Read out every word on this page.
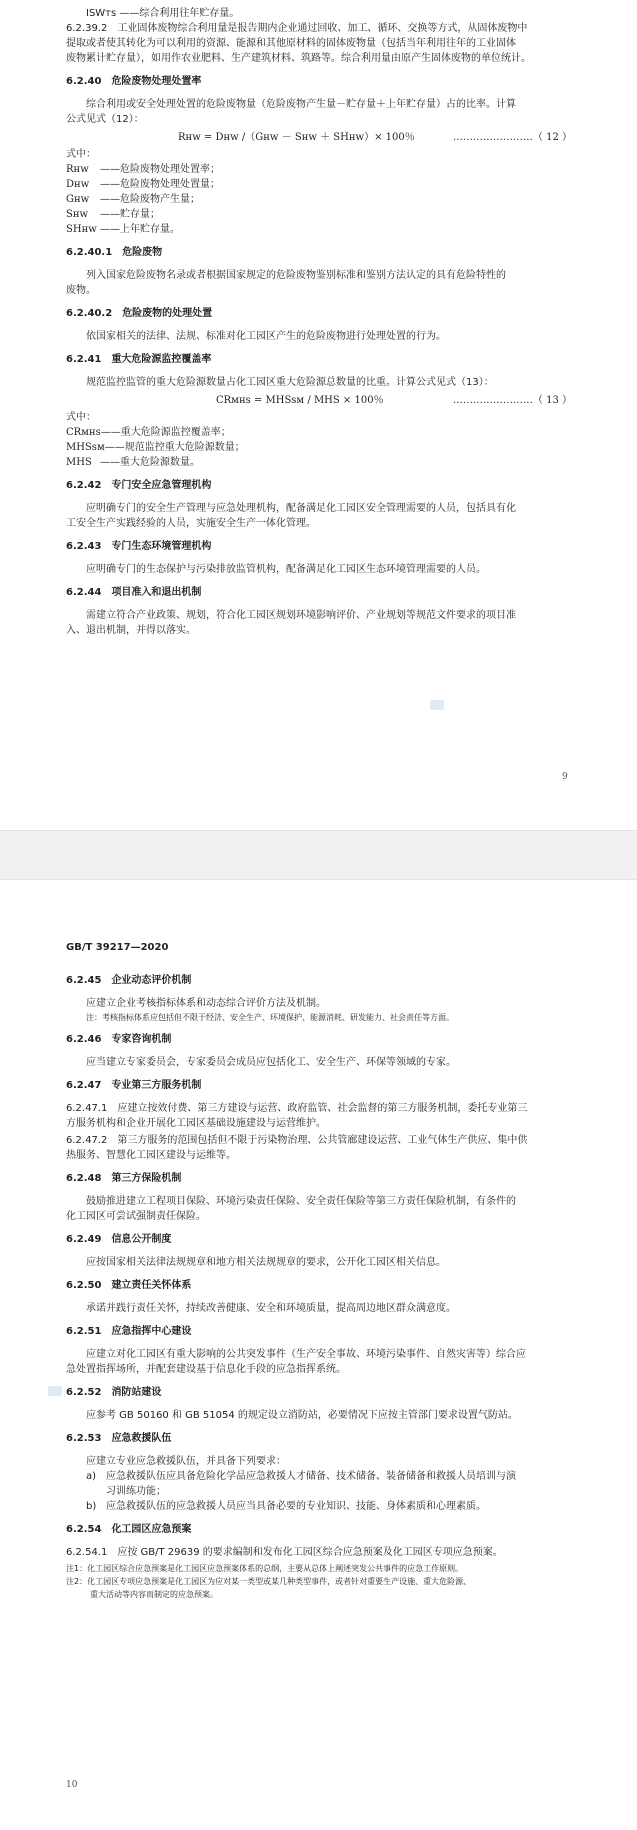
ISWᴛs ——综合利用往年贮存量。
6.2.39.2　工业固体废物综合利用量是报告期内企业通过回收、加工、循环、交换等方式，从固体废物中
提取或者使其转化为可以利用的资源、能源和其他原材料的固体废物量（包括当年利用往年的工业固体
废物累计贮存量），如用作农业肥料、生产建筑材料、筑路等。综合利用量由原产生固体废物的单位统计。
6.2.40　 危险废物处理处置率
综合利用或安全处理处置的危险废物量（危险废物产生量－贮存量＋上年贮存量）占的比率。计算
公式见式（12）：
Rʜᴡ = Dʜᴡ /（Gʜᴡ － Sʜᴡ ＋ SHʜᴡ）× 100％	……………………（ 12 ）
式中：
Rʜᴡ ——危险废物处理处置率；
Dʜᴡ ——危险废物处理处置量；
Gʜᴡ ——危险废物产生量；
Sʜᴡ ——贮存量；
SHʜᴡ ——上年贮存量。
6.2.40.1　 危险废物
列入国家危险废物名录或者根据国家规定的危险废物鉴别标准和鉴别方法认定的具有危险特性的
废物。
6.2.40.2　 危险废物的处理处置
依国家相关的法律、法规、标准对化工园区产生的危险废物进行处理处置的行为。
6.2.41　 重大危险源监控覆盖率
规范监控监管的重大危险源数量占化工园区重大危险源总数量的比重。计算公式见式（13）：
CRᴍʜs = MHSsᴍ / MHS × 100％	……………………（ 13 ）
式中：
CRᴍʜs——重大危险源监控覆盖率；
MHSsᴍ——规范监控重大危险源数量；
MHS ——重大危险源数量。
6.2.42　 专门安全应急管理机构
应明确专门的安全生产管理与应急处理机构，配备满足化工园区安全管理需要的人员，包括具有化
工安全生产实践经验的人员，实施安全生产一体化管理。
6.2.43　 专门生态环境管理机构
应明确专门的生态保护与污染排放监管机构，配备满足化工园区生态环境管理需要的人员。
6.2.44　 项目准入和退出机制
需建立符合产业政策、规划，符合化工园区规划环境影响评价、产业规划等规范文件要求的项目准
入、退出机制，并得以落实。
9
GB/T 39217—2020
6.2.45　 企业动态评价机制
应建立企业考核指标体系和动态综合评价方法及机制。
注：考核指标体系应包括但不限于经济、安全生产、环境保护、能源消耗、研发能力、社会责任等方面。
6.2.46　 专家咨询机制
应当建立专家委员会，专家委员会成员应包括化工、安全生产、环保等领域的专家。
6.2.47　 专业第三方服务机制
6.2.47.1　应建立按效付费、第三方建设与运营、政府监管、社会监督的第三方服务机制，委托专业第三
方服务机构和企业开展化工园区基础设施建设与运营维护。
6.2.47.2　第三方服务的范围包括但不限于污染物治理、公共管廊建设运营、工业气体生产供应、集中供
热服务、智慧化工园区建设与运维等。
6.2.48　 第三方保险机制
鼓励推进建立工程项目保险、环境污染责任保险、安全责任保险等第三方责任保险机制，有条件的
化工园区可尝试强制责任保险。
6.2.49　 信息公开制度
应按国家相关法律法规规章和地方相关法规规章的要求，公开化工园区相关信息。
6.2.50　 建立责任关怀体系
承诺并践行责任关怀，持续改善健康、安全和环境质量，提高周边地区群众满意度。
6.2.51　 应急指挥中心建设
应建立对化工园区有重大影响的公共突发事件（生产安全事故、环境污染事件、自然灾害等）综合应
急处置指挥场所，并配套建设基于信息化手段的应急指挥系统。
6.2.52　 消防站建设
应参考 GB 50160 和 GB 51054 的规定设立消防站，必要情况下应按主管部门要求设置气防站。
6.2.53　 应急救援队伍
应建立专业应急救援队伍，并具备下列要求：
a) 应急救援队伍应具备危险化学品应急救援人才储备、技术储备、装备储备和救援人员培训与演
习训练功能；
b) 应急救援队伍的应急救援人员应当具备必要的专业知识、技能、身体素质和心理素质。
6.2.54　 化工园区应急预案
6.2.54.1　应按 GB/T 29639 的要求编制和发布化工园区综合应急预案及化工园区专项应急预案。
注1：化工园区综合应急预案是化工园区应急预案体系的总纲，主要从总体上阐述突发公共事件的应急工作原则。
注2：化工园区专项应急预案是化工园区为应对某一类型或某几种类型事件，或者针对重要生产设施、重大危险源、
　　　重大活动等内容而制定的应急预案。
10
